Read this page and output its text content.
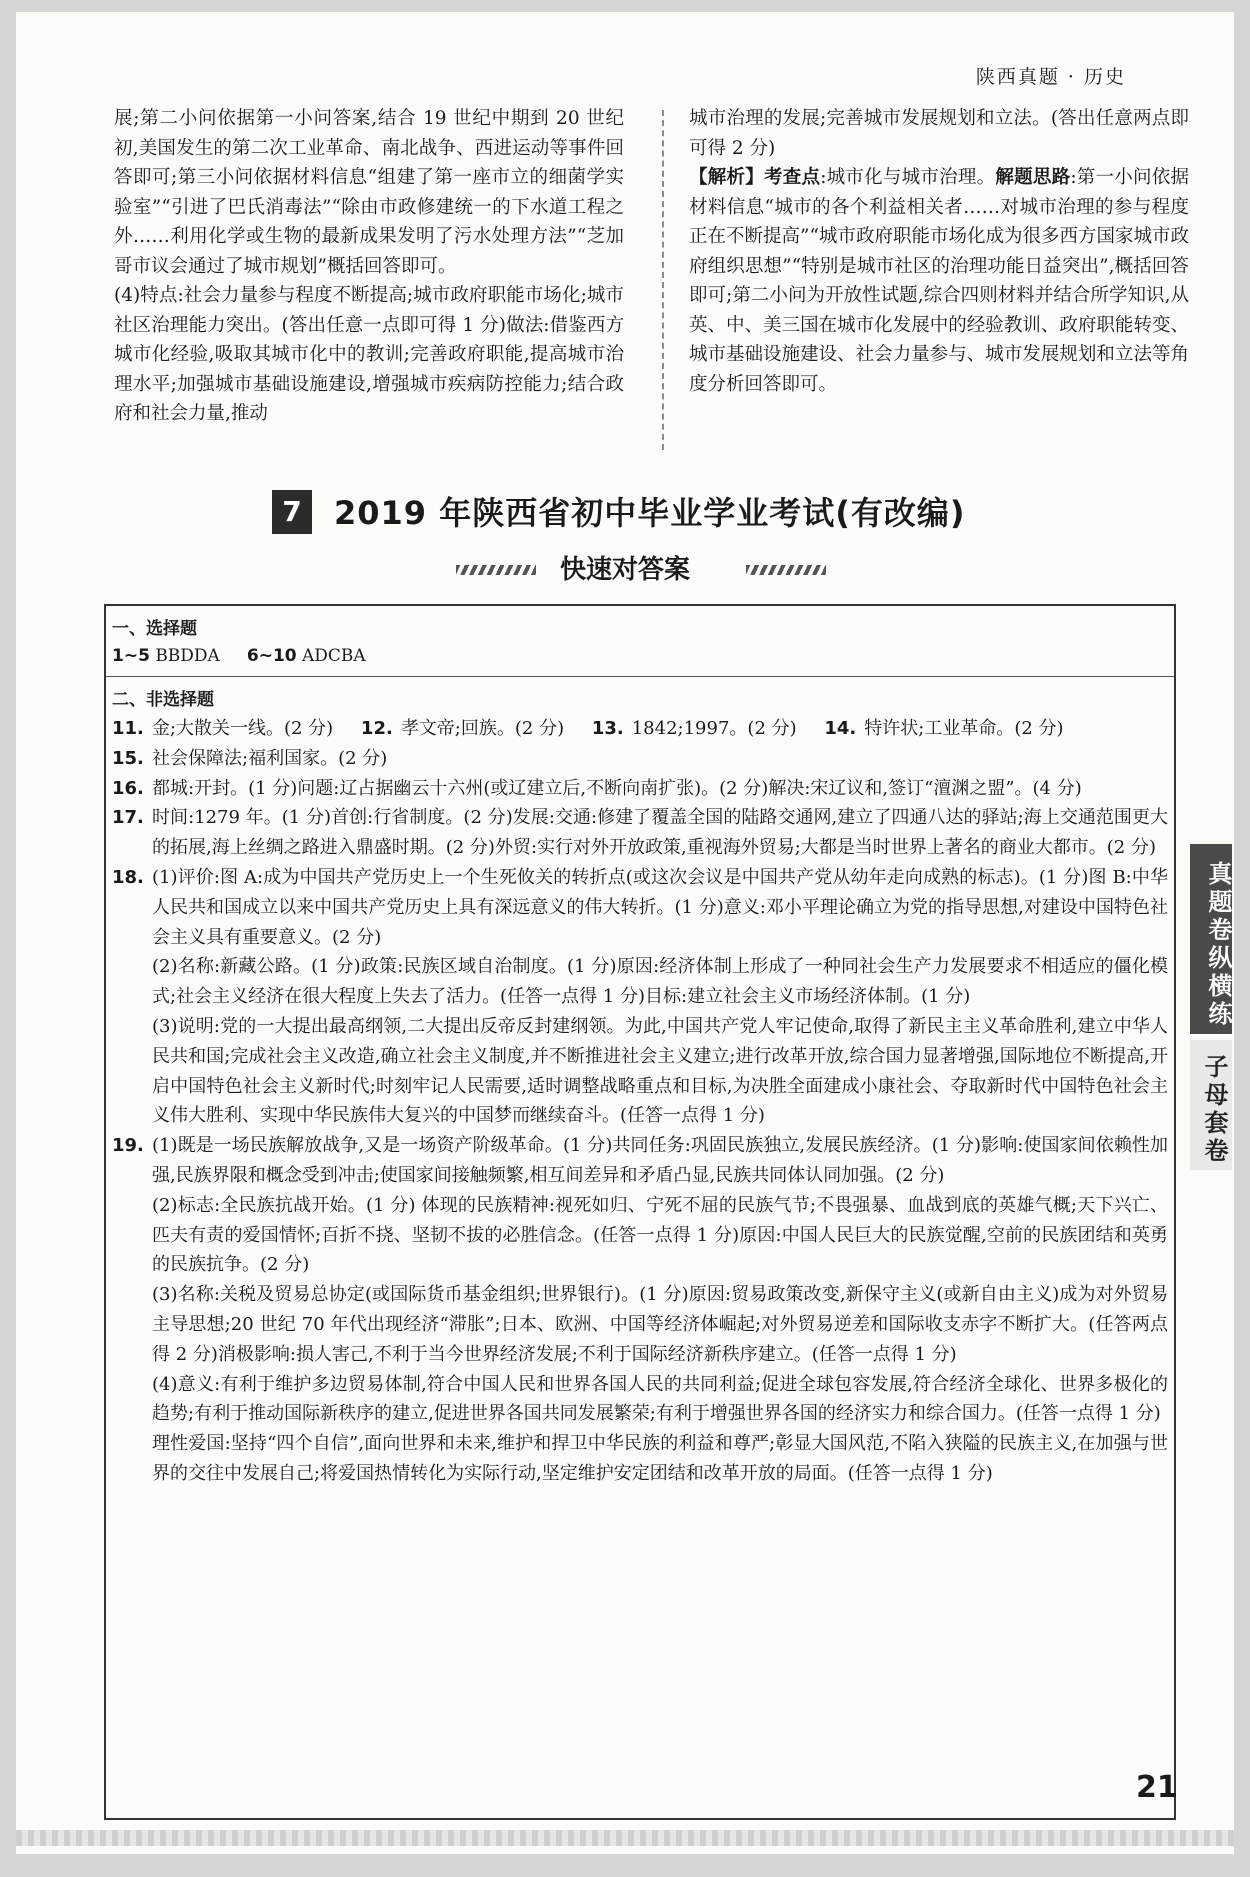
陕西真题 · 历史

展;第二小问依据第一小问答案,结合 19 世纪中期到 20 世纪初,美国发生的第二次工业革命、南北战争、西进运动等事件回答即可;第三小问依据材料信息“组建了第一座市立的细菌学实验室”“引进了巴氏消毒法”“除由市政修建统一的下水道工程之外……利用化学或生物的最新成果发明了污水处理方法”“芝加哥市议会通过了城市规划”概括回答即可。

(4)特点:社会力量参与程度不断提高;城市政府职能市场化;城市社区治理能力突出。(答出任意一点即可得 1 分)做法:借鉴西方城市化经验,吸取其城市化中的教训;完善政府职能,提高城市治理水平;加强城市基础设施建设,增强城市疾病防控能力;结合政府和社会力量,推动

城市治理的发展;完善城市发展规划和立法。(答出任意两点即可得 2 分)

【解析】考查点:城市化与城市治理。解题思路:第一小问依据材料信息“城市的各个利益相关者……对城市治理的参与程度正在不断提高”“城市政府职能市场化成为很多西方国家城市政府组织思想”“特别是城市社区的治理功能日益突出”,概括回答即可;第二小问为开放性试题,综合四则材料并结合所学知识,从英、中、美三国在城市化发展中的经验教训、政府职能转变、城市基础设施建设、社会力量参与、城市发展规划和立法等角度分析回答即可。

7	2019 年陕西省初中毕业学业考试(有改编)
快速对答案
一、选择题
1~5 BBDDA 6~10 ADCBA
二、非选择题
11. 金;大散关一线。(2 分) 12. 孝文帝;回族。(2 分) 13. 1842;1997。(2 分) 14. 特许状;工业革命。(2 分)
15. 社会保障法;福利国家。(2 分)
16. 都城:开封。(1 分)问题:辽占据幽云十六州(或辽建立后,不断向南扩张)。(2 分)解决:宋辽议和,签订“澶渊之盟”。(4 分)
17. 时间:1279 年。(1 分)首创:行省制度。(2 分)发展:交通:修建了覆盖全国的陆路交通网,建立了四通八达的驿站;海上交通范围更大的拓展,海上丝绸之路进入鼎盛时期。(2 分)外贸:实行对外开放政策,重视海外贸易;大都是当时世界上著名的商业大都市。(2 分)
18. (1)评价:图 A:成为中国共产党历史上一个生死攸关的转折点(或这次会议是中国共产党从幼年走向成熟的标志)。(1 分)图 B:中华人民共和国成立以来中国共产党历史上具有深远意义的伟大转折。(1 分)意义:邓小平理论确立为党的指导思想,对建设中国特色社会主义具有重要意义。(2 分)
(2)名称:新藏公路。(1 分)政策:民族区域自治制度。(1 分)原因:经济体制上形成了一种同社会生产力发展要求不相适应的僵化模式;社会主义经济在很大程度上失去了活力。(任答一点得 1 分)目标:建立社会主义市场经济体制。(1 分)
(3)说明:党的一大提出最高纲领,二大提出反帝反封建纲领。为此,中国共产党人牢记使命,取得了新民主主义革命胜利,建立中华人民共和国;完成社会主义改造,确立社会主义制度,并不断推进社会主义建立;进行改革开放,综合国力显著增强,国际地位不断提高,开启中国特色社会主义新时代;时刻牢记人民需要,适时调整战略重点和目标,为决胜全面建成小康社会、夺取新时代中国特色社会主义伟大胜利、实现中华民族伟大复兴的中国梦而继续奋斗。(任答一点得 1 分)
19. (1)既是一场民族解放战争,又是一场资产阶级革命。(1 分)共同任务:巩固民族独立,发展民族经济。(1 分)影响:使国家间依赖性加强,民族界限和概念受到冲击;使国家间接触频繁,相互间差异和矛盾凸显,民族共同体认同加强。(2 分)
(2)标志:全民族抗战开始。(1 分) 体现的民族精神:视死如归、宁死不屈的民族气节;不畏强暴、血战到底的英雄气概;天下兴亡、匹夫有责的爱国情怀;百折不挠、坚韧不拔的必胜信念。(任答一点得 1 分)原因:中国人民巨大的民族觉醒,空前的民族团结和英勇的民族抗争。(2 分)
(3)名称:关税及贸易总协定(或国际货币基金组织;世界银行)。(1 分)原因:贸易政策改变,新保守主义(或新自由主义)成为对外贸易主导思想;20 世纪 70 年代出现经济“滞胀”;日本、欧洲、中国等经济体崛起;对外贸易逆差和国际收支赤字不断扩大。(任答两点得 2 分)消极影响:损人害己,不利于当今世界经济发展;不利于国际经济新秩序建立。(任答一点得 1 分)
(4)意义:有利于维护多边贸易体制,符合中国人民和世界各国人民的共同利益;促进全球包容发展,符合经济全球化、世界多极化的趋势;有利于推动国际新秩序的建立,促进世界各国共同发展繁荣;有利于增强世界各国的经济实力和综合国力。(任答一点得 1 分)
理性爱国:坚持“四个自信”,面向世界和未来,维护和捍卫中华民族的利益和尊严;彰显大国风范,不陷入狭隘的民族主义,在加强与世界的交往中发展自己;将爱国热情转化为实际行动,坚定维护安定团结和改革开放的局面。(任答一点得 1 分)
真题卷纵横练
子母套卷
21
